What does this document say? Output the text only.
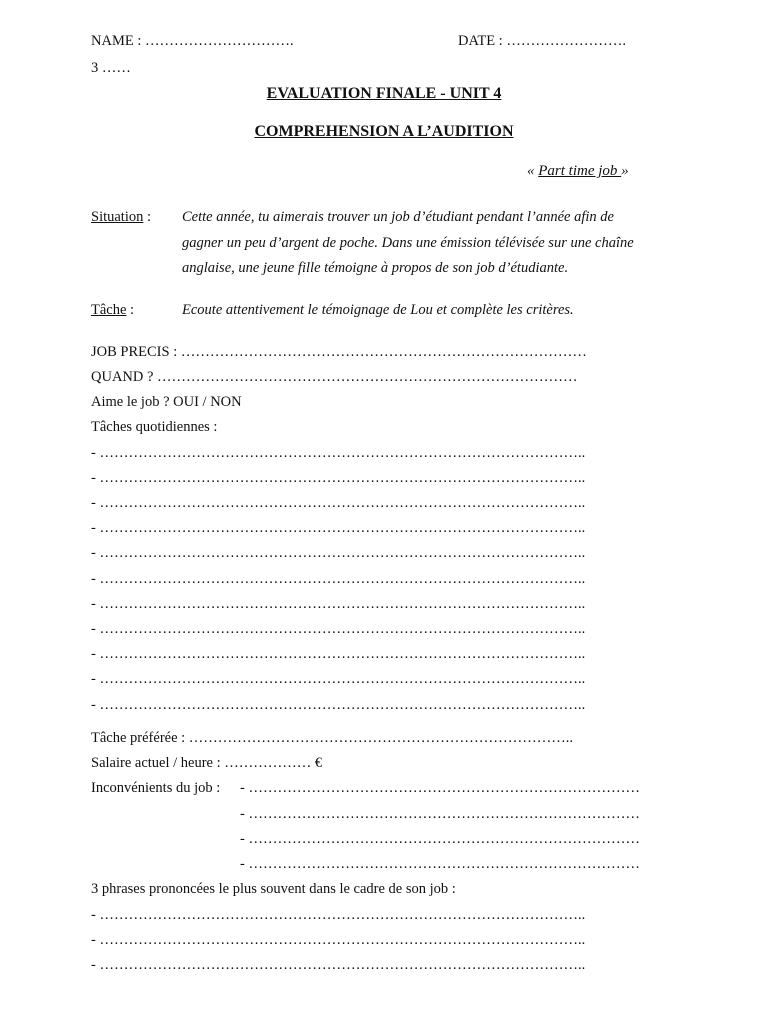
NAME : ………………………….	DATE : …………………….
3 ……
EVALUATION FINALE - UNIT 4
COMPREHENSION A L’AUDITION
« Part time job »
Situation : Cette année, tu aimerais trouver un job d’étudiant pendant l’année afin de
gagner un peu d’argent de poche. Dans une émission télévisée sur une chaîne
anglaise, une jeune fille témoigne à propos de son job d’étudiante.
Tâche :	Ecoute attentivement le témoignage de Lou et complète les critères.
JOB PRECIS : …………………………………………………………………………
QUAND ? ……………………………………………………………………………
Aime le job ? OUI / NON
Tâches quotidiennes :
- ………………………………………………………………………………………..
- ………………………………………………………………………………………..
- ………………………………………………………………………………………..
- ………………………………………………………………………………………..
- ………………………………………………………………………………………..
- ………………………………………………………………………………………..
- ………………………………………………………………………………………..
- ………………………………………………………………………………………..
- ………………………………………………………………………………………..
- ………………………………………………………………………………………..
- ………………………………………………………………………………………..
Tâche préférée : ……………………………………………………………………..
Salaire actuel / heure : ……………… €
Inconvénients du job : - ………………………………………………………………………
- ………………………………………………………………………
- ………………………………………………………………………
- ………………………………………………………………………
3 phrases prononcées le plus souvent dans le cadre de son job :
- ………………………………………………………………………………………..
- ………………………………………………………………………………………..
- ………………………………………………………………………………………..
